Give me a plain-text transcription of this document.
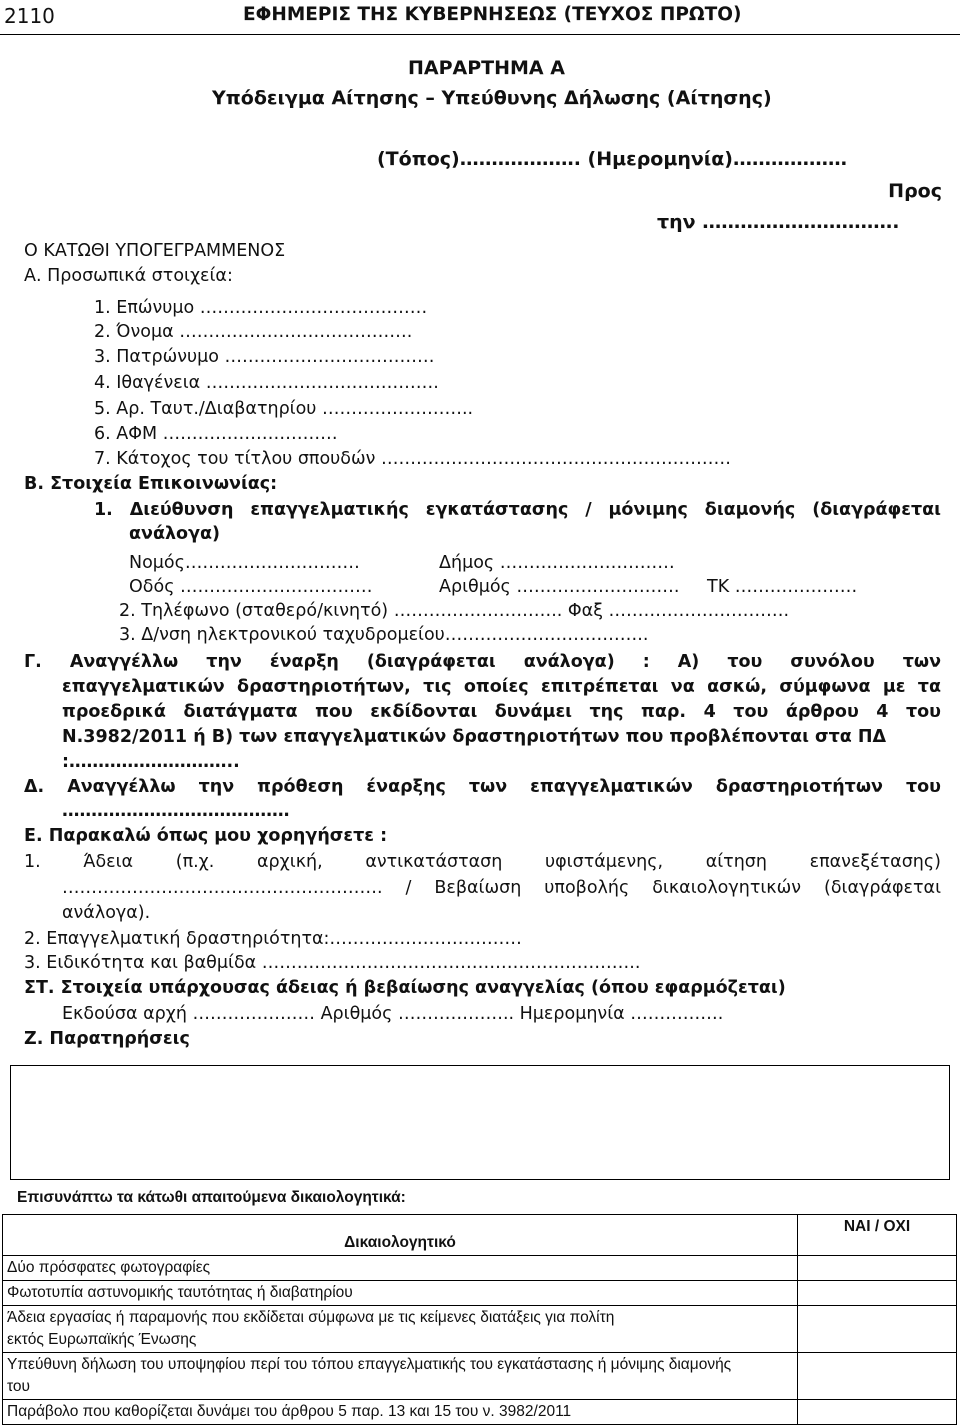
2110	ΕΦΗΜΕΡΙΣ ΤΗΣ ΚΥΒΕΡΝΗΣΕΩΣ (ΤΕΥΧΟΣ ΠΡΩΤΟ)
ΠΑΡΑΡΤΗΜΑ Α
Υπόδειγμα Αίτησης – Υπεύθυνης Δήλωσης (Αίτησης)
(Τόπος)………………. (Ημερομηνία)………………
Προς
την ………………………….
Ο ΚΑΤΩΘΙ ΥΠΟΓΕΓΡΑΜΜΕΝΟΣ
Α. Προσωπικά στοιχεία:
1. Επώνυμο …………………………………
2. Όνομα ………………………………….
3. Πατρώνυμο ………………………………
4. Ιθαγένεια ………………………………….
5. Αρ. Ταυτ./Διαβατηρίου ……………………..
6. ΑΦΜ …………………………
7. Κάτοχος του τίτλου σπουδών ……………………………………………………
Β. Στοιχεία Επικοινωνίας:
1. Διεύθυνση επαγγελματικής εγκατάστασης / μόνιμης διαμονής (διαγράφεται
ανάλογα)
Νομός…………………………	Δήμος …………………………
Οδός ……………………………	Αριθμός ………………………. ΤΚ …………………
2. Τηλέφωνο (σταθερό/κινητό) ……………………….. Φαξ ………………………….
3. Δ/νση ηλεκτρονικού ταχυδρομείου……………………………..
Γ. Αναγγέλλω την έναρξη (διαγράφεται ανάλογα) : Α) του συνόλου των
επαγγελματικών δραστηριοτήτων, τις οποίες επιτρέπεται να ασκώ, σύμφωνα με τα
προεδρικά διατάγματα που εκδίδονται δυνάμει της παρ. 4 του άρθρου 4 του
Ν.3982/2011 ή Β) των επαγγελματικών δραστηριοτήτων που προβλέπονται στα ΠΔ
:………………………..
Δ. Αναγγέλλω την πρόθεση έναρξης των επαγγελματικών δραστηριοτήτων του
…………………………………
Ε. Παρακαλώ όπως μου χορηγήσετε :
1. Άδεια (π.χ. αρχική, αντικατάσταση υφιστάμενης, αίτηση επανεξέτασης)
………………………………………………. / Βεβαίωση υποβολής δικαιολογητικών (διαγράφεται
ανάλογα).
2. Επαγγελματική δραστηριότητα:……………………………
3. Ειδικότητα και βαθμίδα ………………………………………………………..
ΣΤ. Στοιχεία υπάρχουσας άδειας ή βεβαίωσης αναγγελίας (όπου εφαρμόζεται)
Εκδούσα αρχή ………………… Αριθμός ……………….. Ημερομηνία …………….
Ζ. Παρατηρήσεις
Επισυνάπτω τα κάτωθι απαιτούμενα δικαιολογητικά:
Δικαιολογητικό	ΝΑΙ / ΟΧΙ
Δύο πρόσφατες φωτογραφίες	
Φωτοτυπία αστυνομικής ταυτότητας ή διαβατηρίου	
Άδεια εργασίας ή παραμονής που εκδίδεται σύμφωνα με τις κείμενες διατάξεις για πολίτη εκτός Ευρωπαϊκής Ένωσης	
Υπεύθυνη δήλωση του υποψηφίου περί του τόπου επαγγελματικής του εγκατάστασης ή μόνιμης διαμονής του	
Παράβολο που καθορίζεται δυνάμει του άρθρου 5 παρ. 13 και 15 του ν. 3982/2011	
